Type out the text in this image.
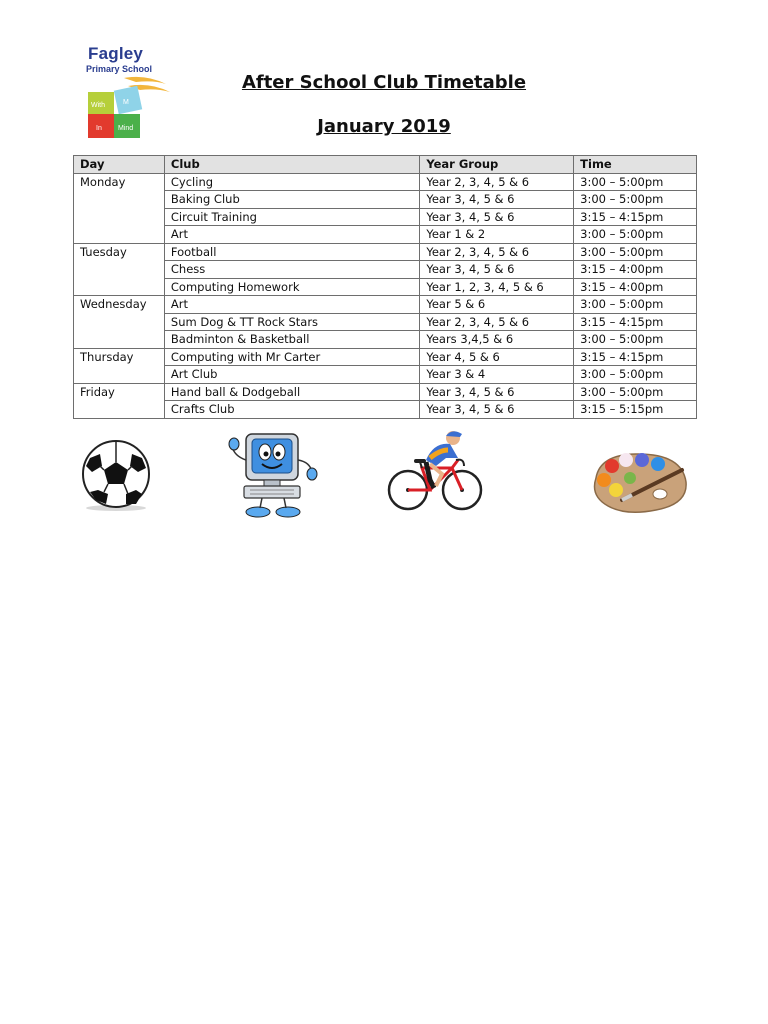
Fagley
Primary School
With	M
In Mind
After School Club Timetable
January 2019
Day	Club	Year Group	Time
Monday	Cycling	Year 2, 3, 4, 5 & 6	3:00 – 5:00pm
	Baking Club	Year 3, 4, 5 & 6	3:00 – 5:00pm
	Circuit Training	Year 3, 4, 5 & 6	3:15 – 4:15pm
	Art	Year 1 & 2	3:00 – 5:00pm
Tuesday	Football	Year 2, 3, 4, 5 & 6	3:00 – 5:00pm
	Chess	Year 3, 4, 5 & 6	3:15 – 4:00pm
	Computing Homework	Year 1, 2, 3, 4, 5 & 6	3:15 – 4:00pm
Wednesday	Art	Year 5 & 6	3:00 – 5:00pm
	Sum Dog & TT Rock Stars	Year 2, 3, 4, 5 & 6	3:15 – 4:15pm
	Badminton & Basketball	Years 3,4,5 & 6	3:00 – 5:00pm
Thursday	Computing with Mr Carter	Year 4, 5 & 6	3:15 – 4:15pm
	Art Club	Year 3 & 4	3:00 – 5:00pm
Friday	Hand ball & Dodgeball	Year 3, 4, 5 & 6	3:00 – 5:00pm
	Crafts Club	Year 3, 4, 5 & 6	3:15 – 5:15pm
